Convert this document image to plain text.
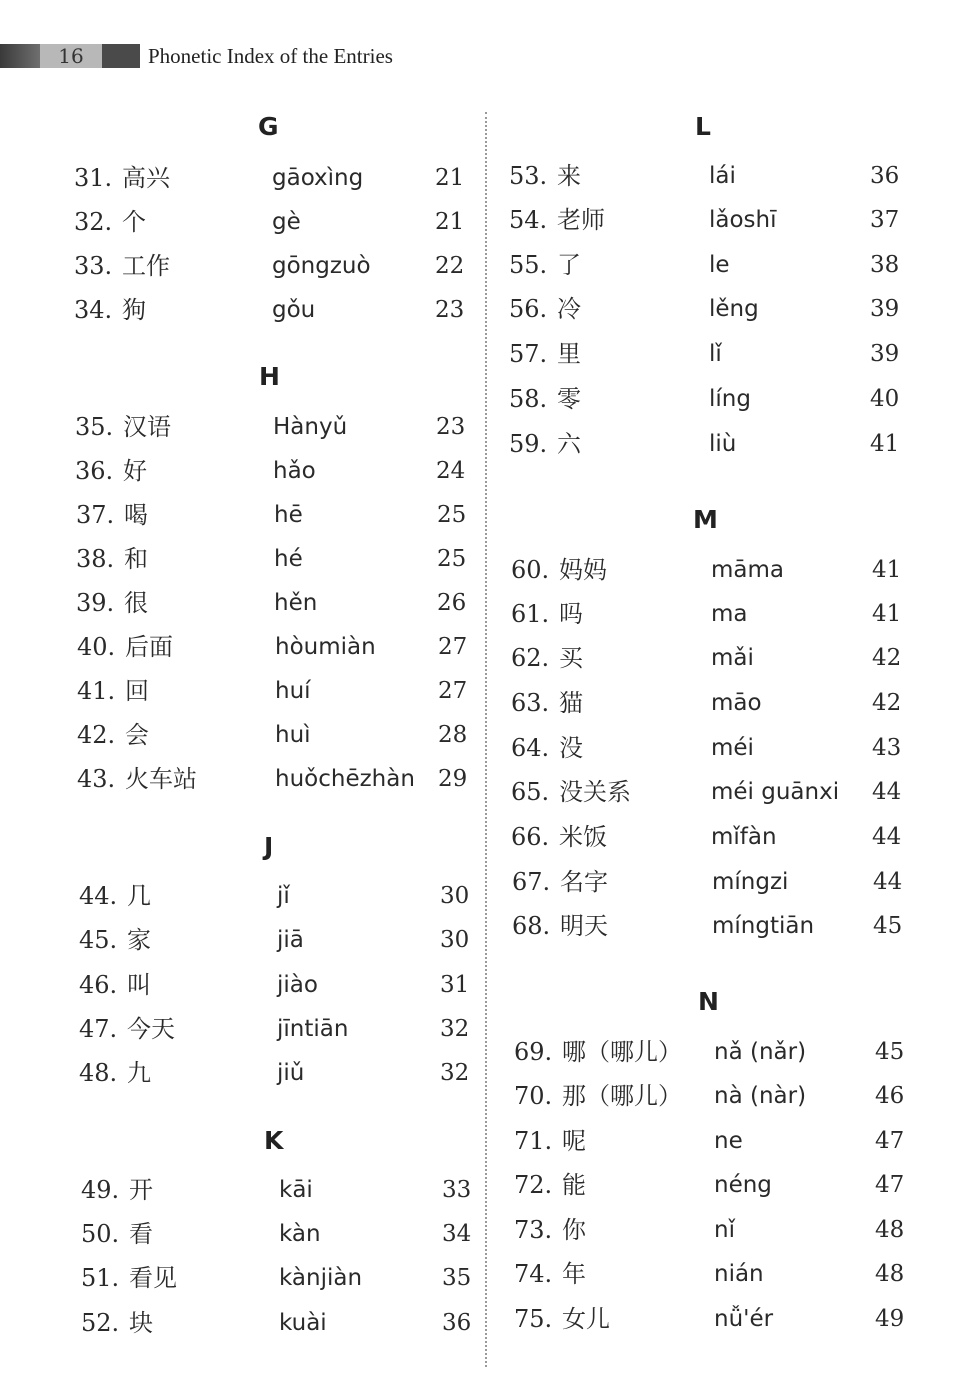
16	Phonetic Index of the Entries
G
31. 高兴	gāoxìng	21
32. 个	gè	21
33. 工作	gōngzuò	22
34. 狗	gǒu	23
H
35. 汉语	Hànyǔ	23
36. 好	hǎo	24
37. 喝	hē	25
38. 和	hé	25
39. 很	hěn	26
40. 后面	hòumiàn	27
41. 回	huí	27
42. 会	huì	28
43. 火车站	huǒchēzhàn 29
J
44. 几	jǐ	30
45. 家	jiā	30
46. 叫	jiào	31
47. 今天	jīntiān	32
48. 九	jiǔ	32
K
49. 开	kāi	33
50. 看	kàn	34
51. 看见	kànjiàn	35
52. 块	kuài	36
L
53. 来	lái	36
54. 老师	lǎoshī	37
55. 了	le	38
56. 冷	lěng	39
57. 里	lǐ	39
58. 零	líng	40
59. 六	liù	41
M
60. 妈妈	māma	41
61. 吗	ma	41
62. 买	mǎi	42
63. 猫	māo	42
64. 没	méi	43
65. 没关系	méi guānxi 44
66. 米饭	mǐfàn	44
67. 名字	míngzi	44
68. 明天	míngtiān	45
N
69. 哪（哪儿） nǎ (nǎr)	45
70. 那（哪儿） nà (nàr)	46
71. 呢	ne	47
72. 能	néng	47
73. 你	nǐ	48
74. 年	nián	48
75. 女儿	nǚ'ér	49
